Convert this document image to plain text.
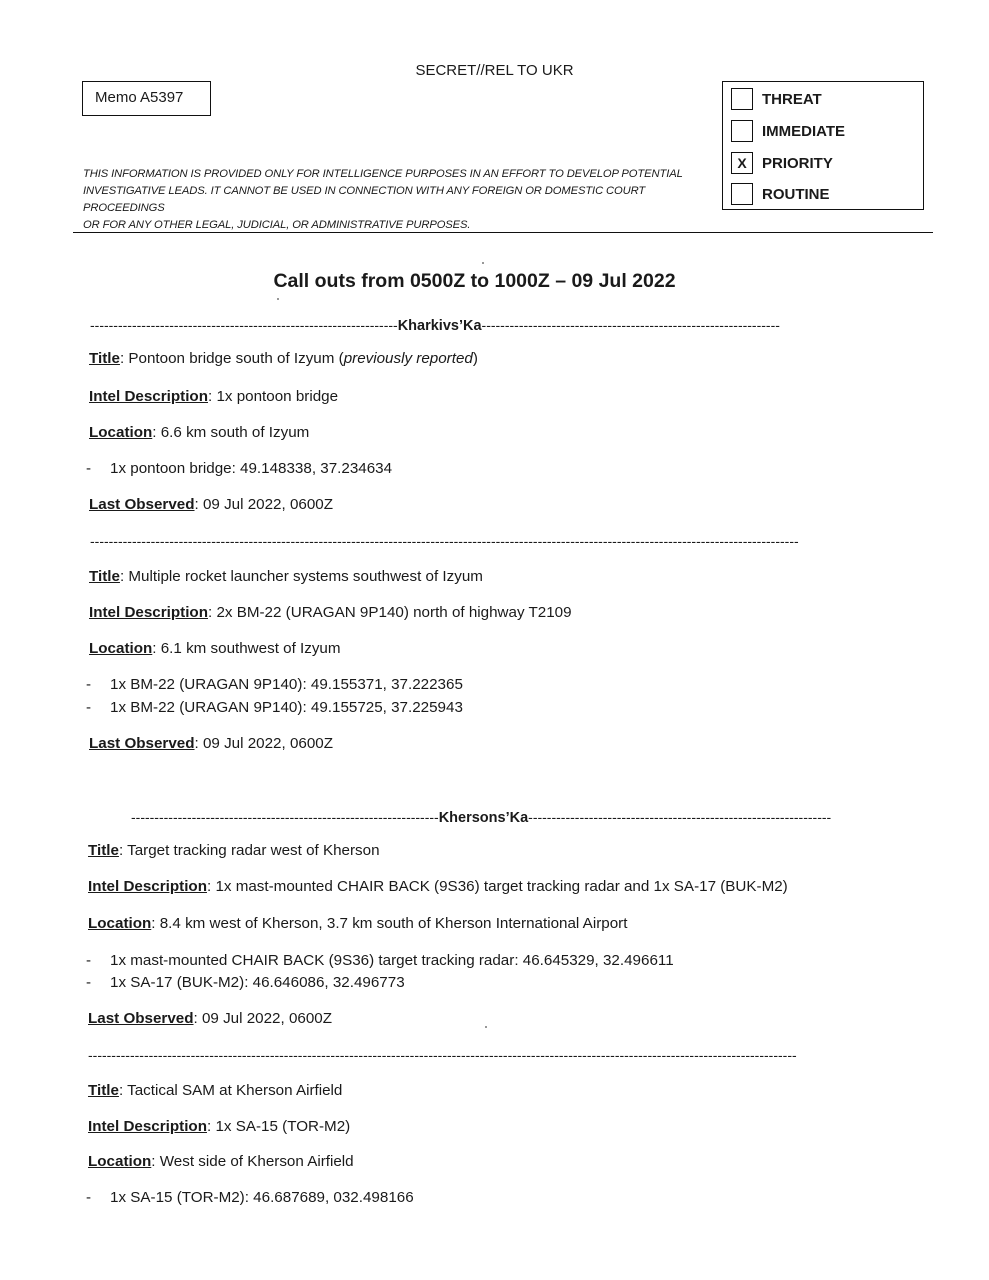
SECRET//REL TO UKR
Memo A5397
THIS INFORMATION IS PROVIDED ONLY FOR INTELLIGENCE PURPOSES IN AN EFFORT TO DEVELOP POTENTIAL
INVESTIGATIVE LEADS. IT CANNOT BE USED IN CONNECTION WITH ANY FOREIGN OR DOMESTIC COURT PROCEEDINGS
OR FOR ANY OTHER LEGAL, JUDICIAL, OR ADMINISTRATIVE PURPOSES.
THREAT
IMMEDIATE
X	PRIORITY
ROUTINE
Call outs from 0500Z to 1000Z – 09 Jul 2022
------------------------------------------------------------------Kharkivs’Ka----------------------------------------------------------------
Title: Pontoon bridge south of Izyum (previously reported)
Intel Description: 1x pontoon bridge
Location: 6.6 km south of Izyum
- 1x pontoon bridge: 49.148338, 37.234634
Last Observed: 09 Jul 2022, 0600Z
--------------------------------------------------------------------------------------------------------------------------------------------------------
Title: Multiple rocket launcher systems southwest of Izyum
Intel Description: 2x BM-22 (URAGAN 9P140) north of highway T2109
Location: 6.1 km southwest of Izyum
- 1x BM-22 (URAGAN 9P140): 49.155371, 37.222365
- 1x BM-22 (URAGAN 9P140): 49.155725, 37.225943
Last Observed: 09 Jul 2022, 0600Z
------------------------------------------------------------------Khersons’Ka-----------------------------------------------------------------
Title: Target tracking radar west of Kherson
Intel Description: 1x mast-mounted CHAIR BACK (9S36) target tracking radar and 1x SA-17 (BUK-M2)
Location: 8.4 km west of Kherson, 3.7 km south of Kherson International Airport
- 1x mast-mounted CHAIR BACK (9S36) target tracking radar: 46.645329, 32.496611
- 1x SA-17 (BUK-M2): 46.646086, 32.496773
Last Observed: 09 Jul 2022, 0600Z
--------------------------------------------------------------------------------------------------------------------------------------------------------
Title: Tactical SAM at Kherson Airfield
Intel Description: 1x SA-15 (TOR-M2)
Location: West side of Kherson Airfield
- 1x SA-15 (TOR-M2): 46.687689, 032.498166
